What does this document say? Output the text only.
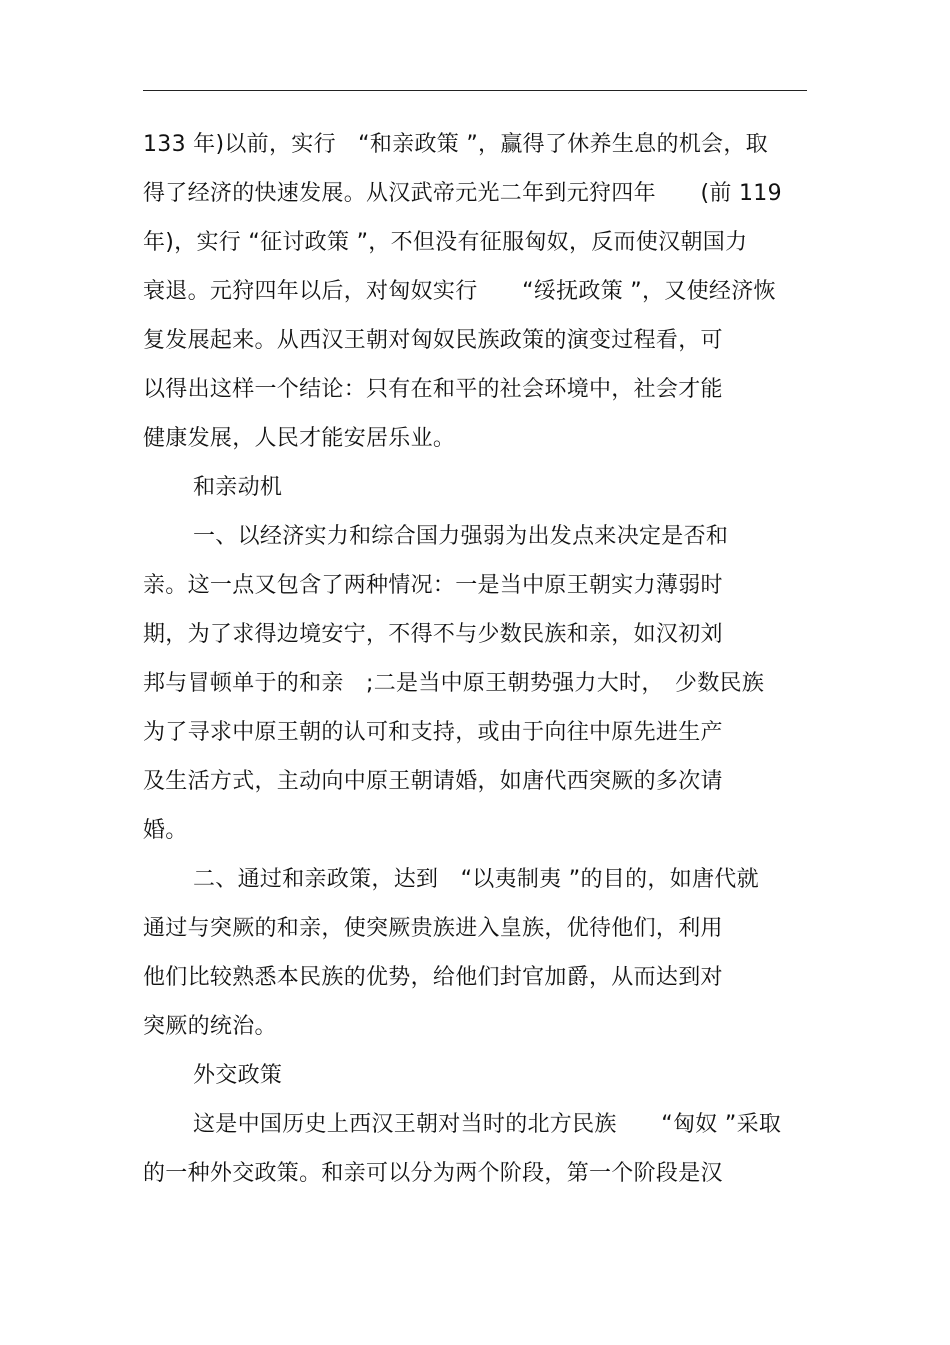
133 年)以前，实行　“和亲政策 ”，赢得了休养生息的机会，取
得了经济的快速发展。从汉武帝元光二年到元狩四年　　(前 119
年)，实行 “征讨政策 ”，不但没有征服匈奴，反而使汉朝国力
衰退。元狩四年以后，对匈奴实行　　“绥抚政策 ”，又使经济恢
复发展起来。从西汉王朝对匈奴民族政策的演变过程看，可
以得出这样一个结论：只有在和平的社会环境中，社会才能
健康发展，人民才能安居乐业。
和亲动机
一、以经济实力和综合国力强弱为出发点来决定是否和
亲。这一点又包含了两种情况：一是当中原王朝实力薄弱时
期，为了求得边境安宁，不得不与少数民族和亲，如汉初刘
邦与冒顿单于的和亲　;二是当中原王朝势强力大时，　少数民族
为了寻求中原王朝的认可和支持，或由于向往中原先进生产
及生活方式，主动向中原王朝请婚，如唐代西突厥的多次请
婚。
二、通过和亲政策，达到　“以夷制夷 ”的目的，如唐代就
通过与突厥的和亲，使突厥贵族进入皇族，优待他们，利用
他们比较熟悉本民族的优势，给他们封官加爵，从而达到对
突厥的统治。
外交政策
这是中国历史上西汉王朝对当时的北方民族　　“匈奴 ”采取
的一种外交政策。和亲可以分为两个阶段，第一个阶段是汉
